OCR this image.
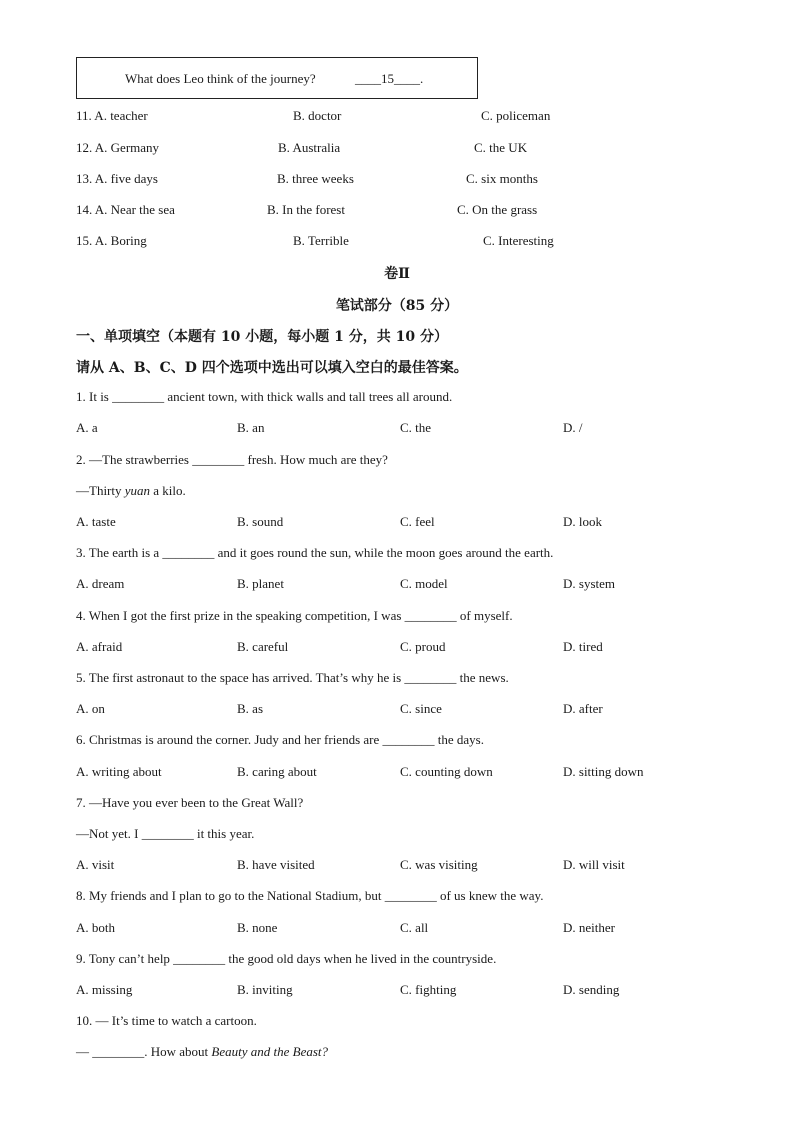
What does Leo think of the journey?	____15____.
11. A. teacher	B. doctor	C. policeman
12. A. Germany	B. Australia	C. the UK
13. A. five days	B. three weeks	C. six months
14. A. Near the sea	B. In the forest	C. On the grass
15. A. Boring	B. Terrible	C. Interesting
卷Ⅱ
笔试部分（85 分）
一、单项填空（本题有 10 小题，每小题 1 分，共 10 分）
请从 A、B、C、D 四个选项中选出可以填入空白的最佳答案。
1. It is ________ ancient town, with thick walls and tall trees all around.
A. a	B. an	C. the	D. /
2. —The strawberries ________ fresh. How much are they?
—Thirty yuan a kilo.
A. taste	B. sound	C. feel	D. look
3. The earth is a ________ and it goes round the sun, while the moon goes around the earth.
A. dream	B. planet	C. model	D. system
4. When I got the first prize in the speaking competition, I was ________ of myself.
A. afraid	B. careful	C. proud	D. tired
5. The first astronaut to the space has arrived. That’s why he is ________ the news.
A. on	B. as	C. since	D. after
6. Christmas is around the corner. Judy and her friends are ________ the days.
A. writing about	B. caring about	C. counting down	D. sitting down
7. —Have you ever been to the Great Wall?
—Not yet. I ________ it this year.
A. visit	B. have visited	C. was visiting	D. will visit
8. My friends and I plan to go to the National Stadium, but ________ of us knew the way.
A. both	B. none	C. all	D. neither
9. Tony can’t help ________ the good old days when he lived in the countryside.
A. missing	B. inviting	C. fighting	D. sending
10. — It’s time to watch a cartoon.
— ________. How about Beauty and the Beast?
